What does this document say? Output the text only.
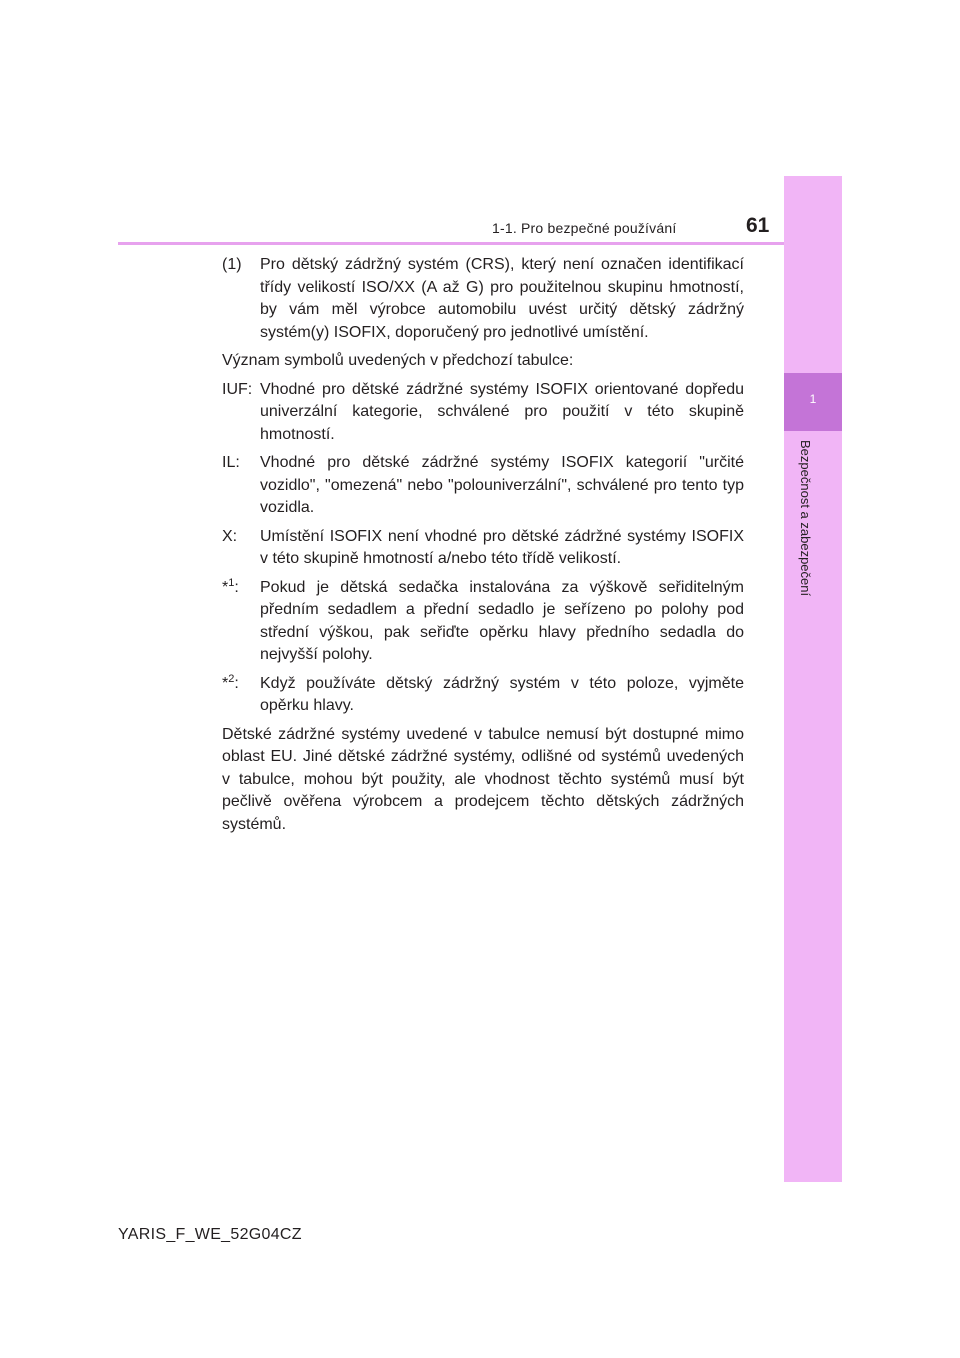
1-1. Pro bezpečné používání	61
1
Bezpečnost a zabezpečení
(1)	Pro dětský zádržný systém (CRS), který není označen identifikací třídy velikostí ISO/XX (A až G) pro použitelnou skupinu hmotností, by vám měl výrobce automobilu uvést určitý dětský zádržný systém(y) ISOFIX, doporučený pro jednotlivé umístění.

Význam symbolů uvedených v předchozí tabulce:

IUF: Vhodné pro dětské zádržné systémy ISOFIX orientované dopředu univerzální kategorie, schválené pro použití v této skupině hmotností.
IL:	Vhodné pro dětské zádržné systémy ISOFIX kategorií "určité vozidlo", "omezená" nebo "polouniverzální", schválené pro tento typ vozidla.
X:	Umístění ISOFIX není vhodné pro dětské zádržné systémy ISOFIX v této skupině hmotností a/nebo této třídě velikostí.
*$^1$:	Pokud je dětská sedačka instalována za výškově seřiditelným předním sedadlem a přední sedadlo je seřízeno po polohy pod střední výškou, pak seřiďte opěrku hlavy předního sedadla do nejvyšší polohy.
*$^2$:	Když používáte dětský zádržný systém v této poloze, vyjměte opěrku hlavy.

Dětské zádržné systémy uvedené v tabulce nemusí být dostupné mimo oblast EU. Jiné dětské zádržné systémy, odlišné od systémů uvedených v tabulce, mohou být použity, ale vhodnost těchto systémů musí být pečlivě ověřena výrobcem a prodejcem těchto dětských zádržných systémů.

YARIS_F_WE_52G04CZ
